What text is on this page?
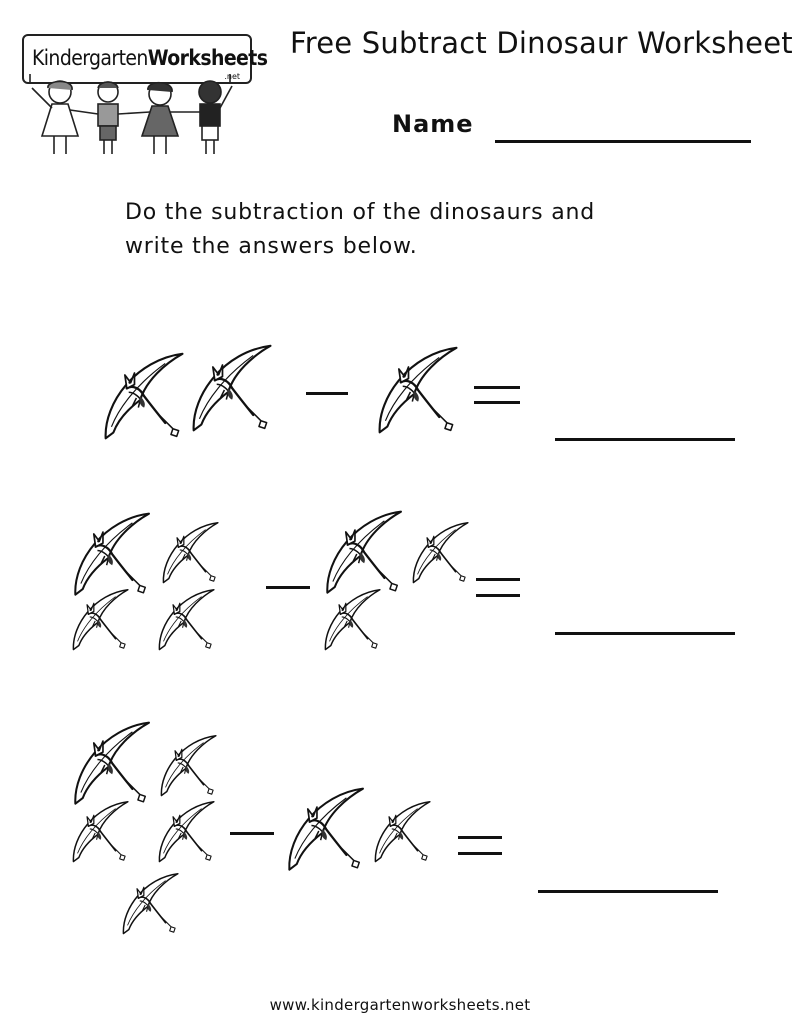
KindergartenWorksheets
.net
Free Subtract Dinosaur Worksheet
Name
Do the subtraction of the dinosaurs and
write the answers below.
www.kindergartenworksheets.net
